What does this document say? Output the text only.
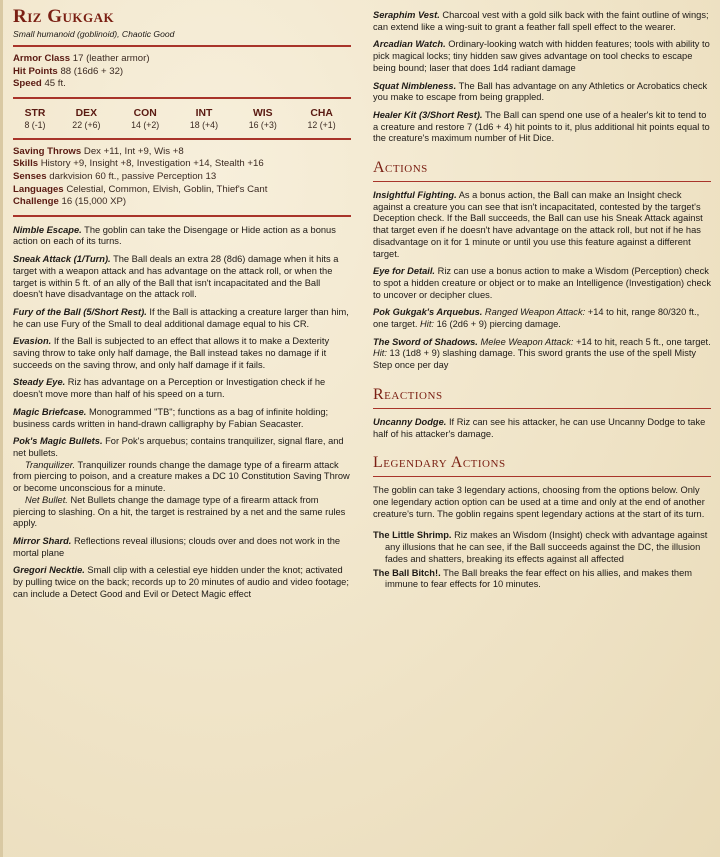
Riz Gukgak
Small humanoid (goblinoid), Chaotic Good
Armor Class 17 (leather armor)
Hit Points 88 (16d6 + 32)
Speed 45 ft.
STR	DEX	CON	INT	WIS	CHA
8 (-1)	22 (+6)	14 (+2)	18 (+4)	16 (+3)	12 (+1)
Saving Throws Dex +11, Int +9, Wis +8
Skills History +9, Insight +8, Investigation +14, Stealth +16
Senses darkvision 60 ft., passive Perception 13
Languages Celestial, Common, Elvish, Goblin, Thief's Cant
Challenge 16 (15,000 XP)

Nimble Escape. The goblin can take the Disengage or Hide action as a bonus action on each of its turns.

Sneak Attack (1/Turn). The Ball deals an extra 28 (8d6) damage when it hits a target with a weapon attack and has advantage on the attack roll, or when the target is within 5 ft. of an ally of the Ball that isn't incapacitated and the Ball doesn't have disadvantage on the attack roll.

Fury of the Ball (5/Short Rest). If the Ball is attacking a creature larger than him, he can use Fury of the Small to deal additional damage equal to his CR.

Evasion. If the Ball is subjected to an effect that allows it to make a Dexterity saving throw to take only half damage, the Ball instead takes no damage if it succeeds on the saving throw, and only half damage if it fails.

Steady Eye. Riz has advantage on a Perception or Investigation check if he doesn't move more than half of his speed on a turn.

Magic Briefcase. Monogrammed "TB"; functions as a bag of infinite holding; business cards written in hand-drawn calligraphy by Fabian Seacaster.

Pok's Magic Bullets. For Pok's arquebus; contains tranquilizer, signal flare, and net bullets.

Tranquilizer. Tranquilizer rounds change the damage type of a firearm attack from piercing to poison, and a creature makes a DC 10 Constitution Saving Throw or become unconscious for a minute.

Net Bullet. Net Bullets change the damage type of a firearm attack from piercing to slashing. On a hit, the target is restrained by a net and the same rules apply.

Mirror Shard. Reflections reveal illusions; clouds over and does not work in the mortal plane

Gregori Necktie. Small clip with a celestial eye hidden under the knot; activated by pulling twice on the back; records up to 20 minutes of audio and video footage; can include a Detect Good and Evil or Detect Magic effect

Seraphim Vest. Charcoal vest with a gold silk back with the faint outline of wings; can extend like a wing-suit to grant a feather fall spell effect to the wearer.

Arcadian Watch. Ordinary-looking watch with hidden features; tools with ability to pick magical locks; tiny hidden saw gives advantage on tool checks to escape being bound; laser that does 1d4 radiant damage

Squat Nimbleness. The Ball has advantage on any Athletics or Acrobatics check you make to escape from being grappled.

Healer Kit (3/Short Rest). The Ball can spend one use of a healer's kit to tend to a creature and restore 7 (1d6 + 4) hit points to it, plus additional hit points equal to the creature's maximum number of Hit Dice.

Actions

Insightful Fighting. As a bonus action, the Ball can make an Insight check against a creature you can see that isn't incapacitated, contested by the target's Deception check. If the Ball succeeds, the Ball can use his Sneak Attack against that target even if he doesn't have advantage on the attack roll, but not if he has disadvantage on it for 1 minute or until you use this feature against a different target.

Eye for Detail. Riz can use a bonus action to make a Wisdom (Perception) check to spot a hidden creature or object or to make an Intelligence (Investigation) check to uncover or decipher clues.

Pok Gukgak's Arquebus. Ranged Weapon Attack: +14 to hit, range 80/320 ft., one target. Hit: 16 (2d6 + 9) piercing damage.

The Sword of Shadows. Melee Weapon Attack: +14 to hit, reach 5 ft., one target. Hit: 13 (1d8 + 9) slashing damage. This sword grants the use of the spell Misty Step once per day

Reactions

Uncanny Dodge. If Riz can see his attacker, he can use Uncanny Dodge to take half of his attacker's damage.

Legendary Actions

The goblin can take 3 legendary actions, choosing from the options below. Only one legendary action option can be used at a time and only at the end of another creature's turn. The goblin regains spent legendary actions at the start of its turn.

The Little Shrimp. Riz makes an Wisdom (Insight) check with advantage against any illusions that he can see, if the Ball succeeds against the DC, the illusion fades and shatters, breaking its effects against all affected

The Ball Bitch!. The Ball breaks the fear effect on his allies, and makes them immune to fear effects for 10 minutes.
